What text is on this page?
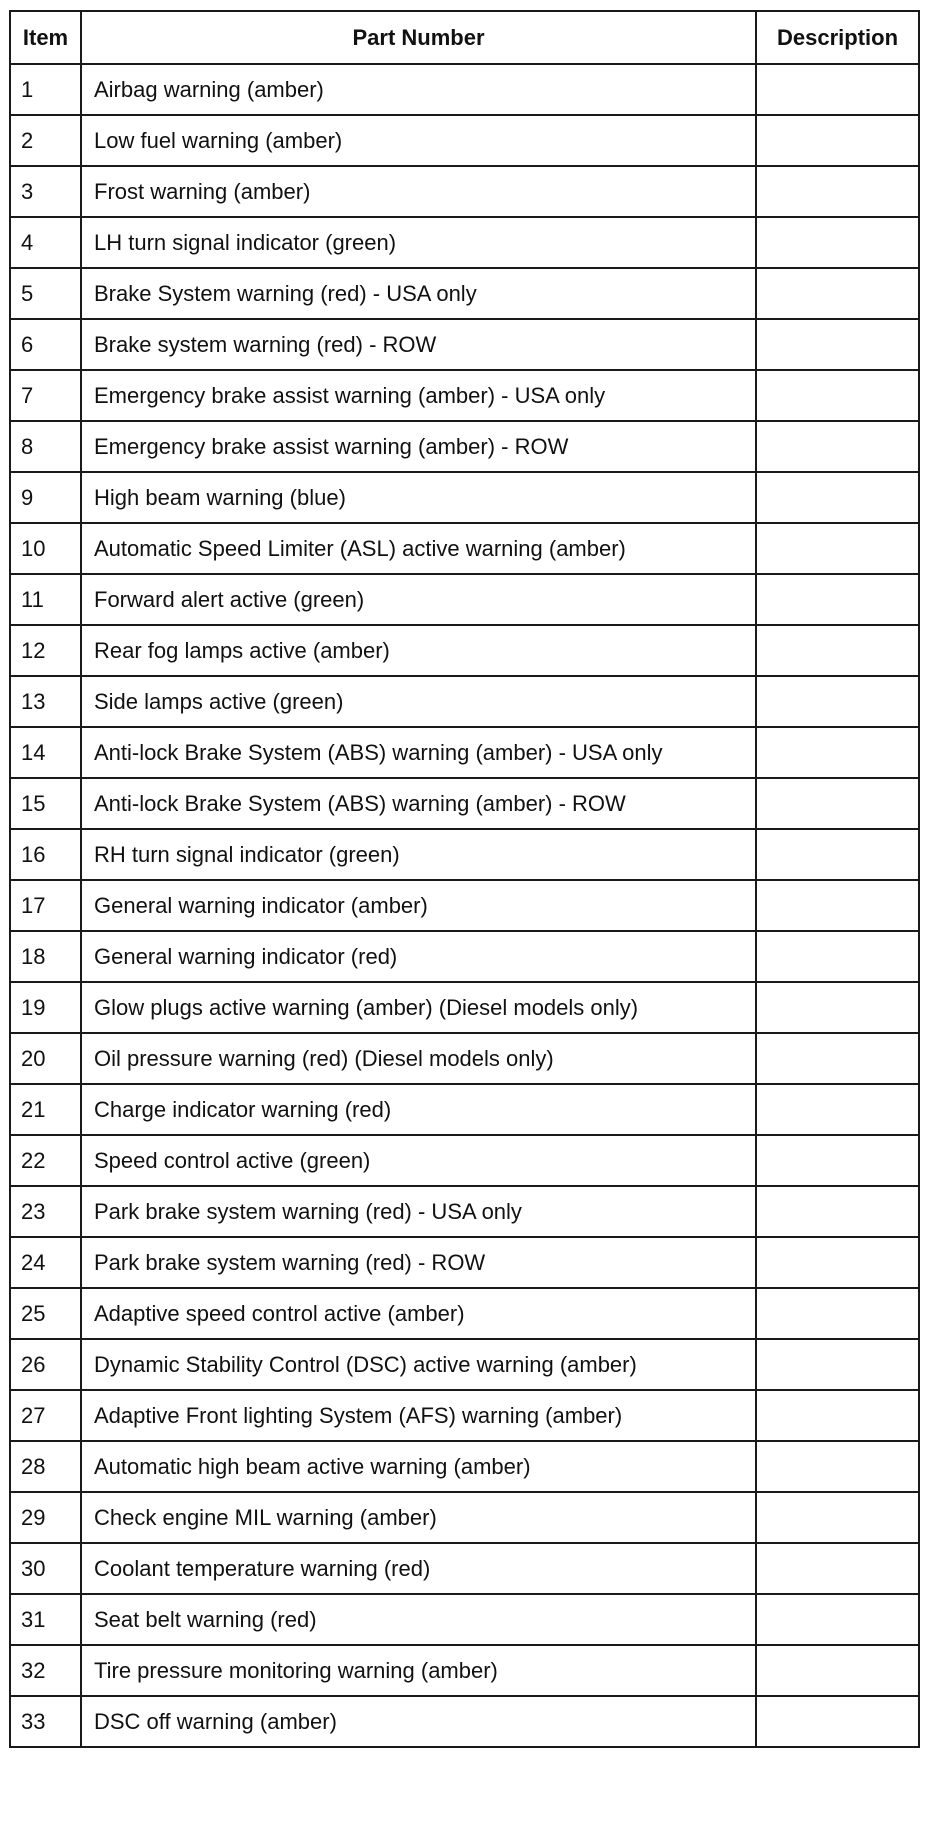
Item	Part Number	Description
1	Airbag warning (amber)	
2	Low fuel warning (amber)	
3	Frost warning (amber)	
4	LH turn signal indicator (green)	
5	Brake System warning (red) - USA only	
6	Brake system warning (red) - ROW	
7	Emergency brake assist warning (amber) - USA only	
8	Emergency brake assist warning (amber) - ROW	
9	High beam warning (blue)	
10	Automatic Speed Limiter (ASL) active warning (amber)	
11	Forward alert active (green)	
12	Rear fog lamps active (amber)	
13	Side lamps active (green)	
14	Anti-lock Brake System (ABS) warning (amber) - USA only	
15	Anti-lock Brake System (ABS) warning (amber) - ROW	
16	RH turn signal indicator (green)	
17	General warning indicator (amber)	
18	General warning indicator (red)	
19	Glow plugs active warning (amber) (Diesel models only)	
20	Oil pressure warning (red) (Diesel models only)	
21	Charge indicator warning (red)	
22	Speed control active (green)	
23	Park brake system warning (red) - USA only	
24	Park brake system warning (red) - ROW	
25	Adaptive speed control active (amber)	
26	Dynamic Stability Control (DSC) active warning (amber)	
27	Adaptive Front lighting System (AFS) warning (amber)	
28	Automatic high beam active warning (amber)	
29	Check engine MIL warning (amber)	
30	Coolant temperature warning (red)	
31	Seat belt warning (red)	
32	Tire pressure monitoring warning (amber)	
33	DSC off warning (amber)	
